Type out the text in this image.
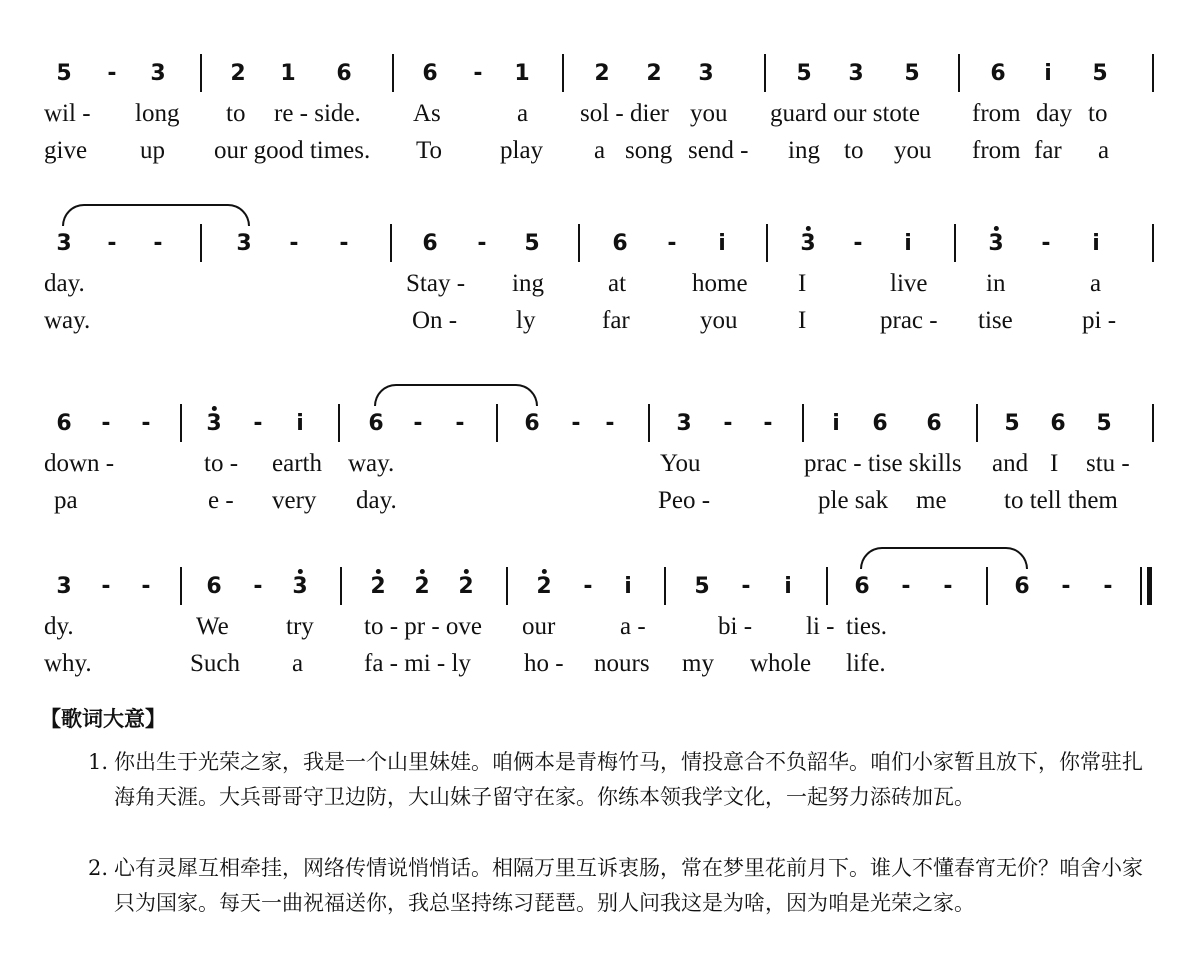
5 - 3	2 1 6	6 - 1	2 2 3	5 3 5	6 i 5
wil - long to re - side. As	a sol - dier you guard our stote from day to
give up our good times. To play a song send - ing to you from far a
3 - -	3 - -	6 - 5	6 - i	3 - i	3 - i
day.	Stay - ing	at	home I	live in	a
way.	On - ly	far	you I	prac - tise	pi -
6 - -	3 - i	6 - -	6 - -	3 - -	i 6 6	5 6 5
down -	to - earth way.	You	prac - tise skills and I stu -
pa	e - very day.	Peo -	ple sak me to tell them
3 - -	6 - 3	2 2 2	2 - i	5 - i	6 - -	6 - -
dy.	We try to - pr - ove our	a -	bi - li - ties.
why.	Such a fa - mi - ly ho - nours my whole life.
【歌词大意】
1. 你出生于光荣之家，我是一个山里妹娃。咱俩本是青梅竹马，情投意合不负韶华。咱们小家暂且放下，你常驻扎海角天涯。大兵哥哥守卫边防，大山妹子留守在家。你练本领我学文化，一起努力添砖加瓦。
2. 心有灵犀互相牵挂，网络传情说悄悄话。相隔万里互诉衷肠，常在梦里花前月下。谁人不懂春宵无价？咱舍小家只为国家。每天一曲祝福送你，我总坚持练习琵琶。别人问我这是为啥，因为咱是光荣之家。
